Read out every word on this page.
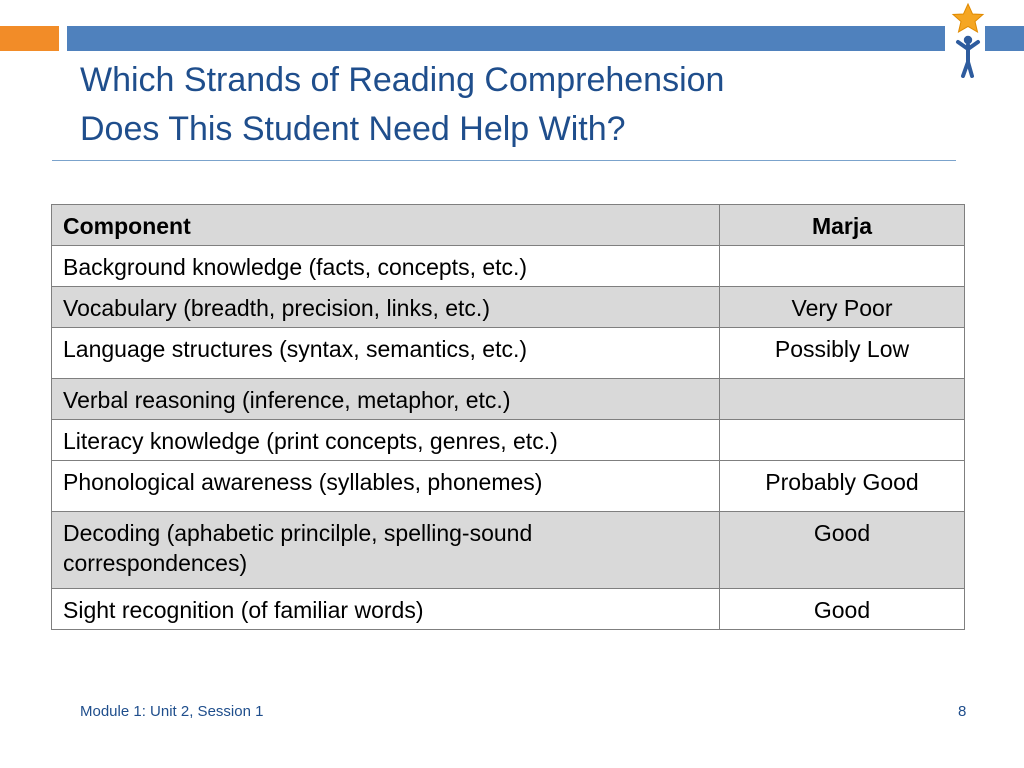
Which Strands of Reading Comprehension
Does This Student Need Help With?
Component	Marja
Background knowledge (facts, concepts, etc.)	
Vocabulary (breadth, precision, links, etc.)	Very Poor
Language structures (syntax, semantics, etc.)	Possibly Low
Verbal reasoning (inference, metaphor, etc.)	
Literacy knowledge (print concepts, genres, etc.)	
Phonological awareness (syllables, phonemes)	Probably Good
Decoding (aphabetic princilple, spelling-sound correspondences)	Good
Sight recognition (of familiar words)	Good
Module 1: Unit 2, Session 1	8
